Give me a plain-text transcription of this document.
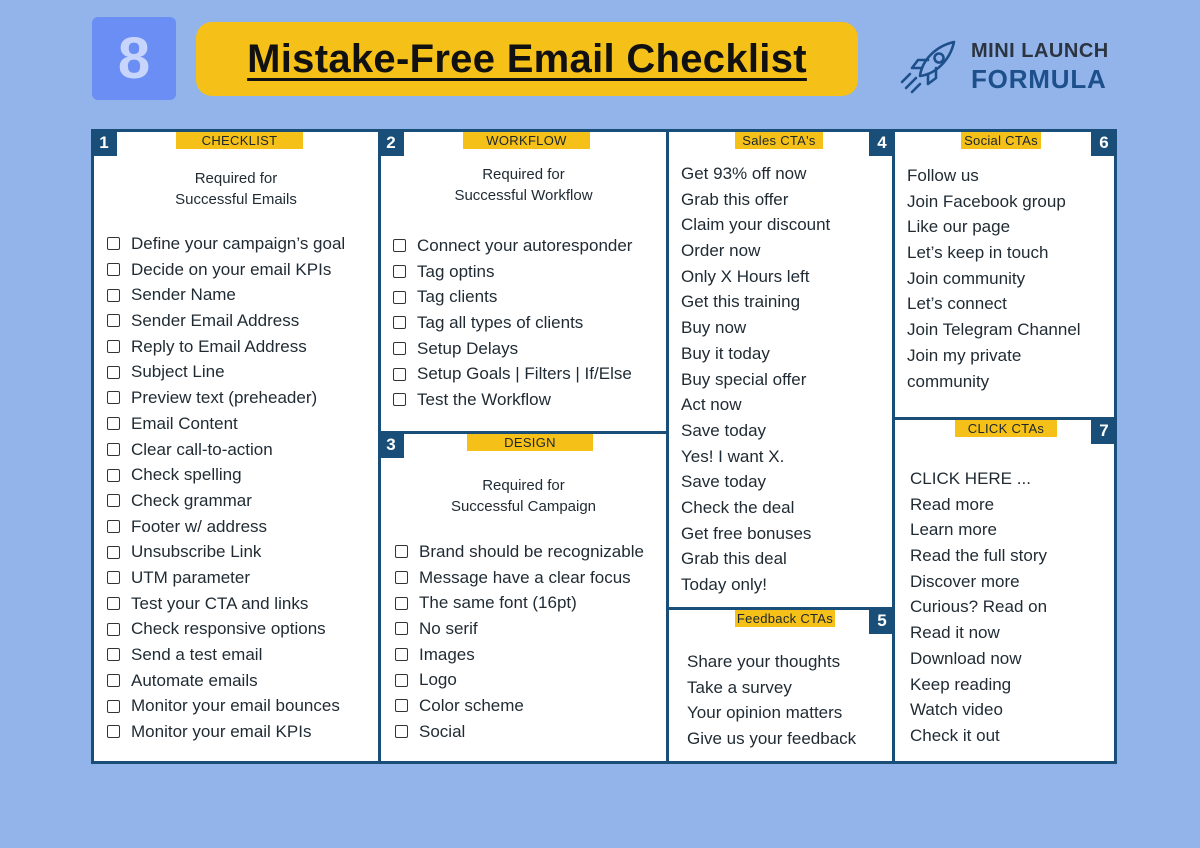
8	Mistake-Free Email Checklist	MINI LAUNCH
FORMULA
CHECKLIST
1
Required for
Successful Emails
Define your campaign’s goal
Decide on your email KPIs
Sender Name
Sender Email Address
Reply to Email Address
Subject Line
Preview text (preheader)
Email Content
Clear call-to-action
Check spelling
Check grammar
Footer w/ address
Unsubscribe Link
UTM parameter
Test your CTA and links
Check responsive options
Send a test email
Automate emails
Monitor your email bounces
Monitor your email KPIs
WORKFLOW
2
Required for
Successful Workflow
Connect your autoresponder
Tag optins
Tag clients
Tag all types of clients
Setup Delays
Setup Goals | Filters | If/Else
Test the Workflow
DESIGN
3
Required for
Successful Campaign
Brand should be recognizable
Message have a clear focus
The same font (16pt)
No serif
Images
Logo
Color scheme
Social
Sales CTA's	4
Get 93% off now
Grab this offer
Claim your discount
Order now
Only X Hours left
Get this training
Buy now
Buy it today
Buy special offer
Act now
Save today
Yes! I want X.
Save today
Check the deal
Get free bonuses
Grab this deal
Today only!
Feedback CTAs	5
Share your thoughts
Take a survey
Your opinion matters
Give us your feedback
Social CTAs	6
Follow us
Join Facebook group
Like our page
Let’s keep in touch
Join community
Let’s connect
Join Telegram Channel
Join my private
community
CLICK CTAs	7
CLICK HERE ...
Read more
Learn more
Read the full story
Discover more
Curious? Read on
Read it now
Download now
Keep reading
Watch video
Check it out
